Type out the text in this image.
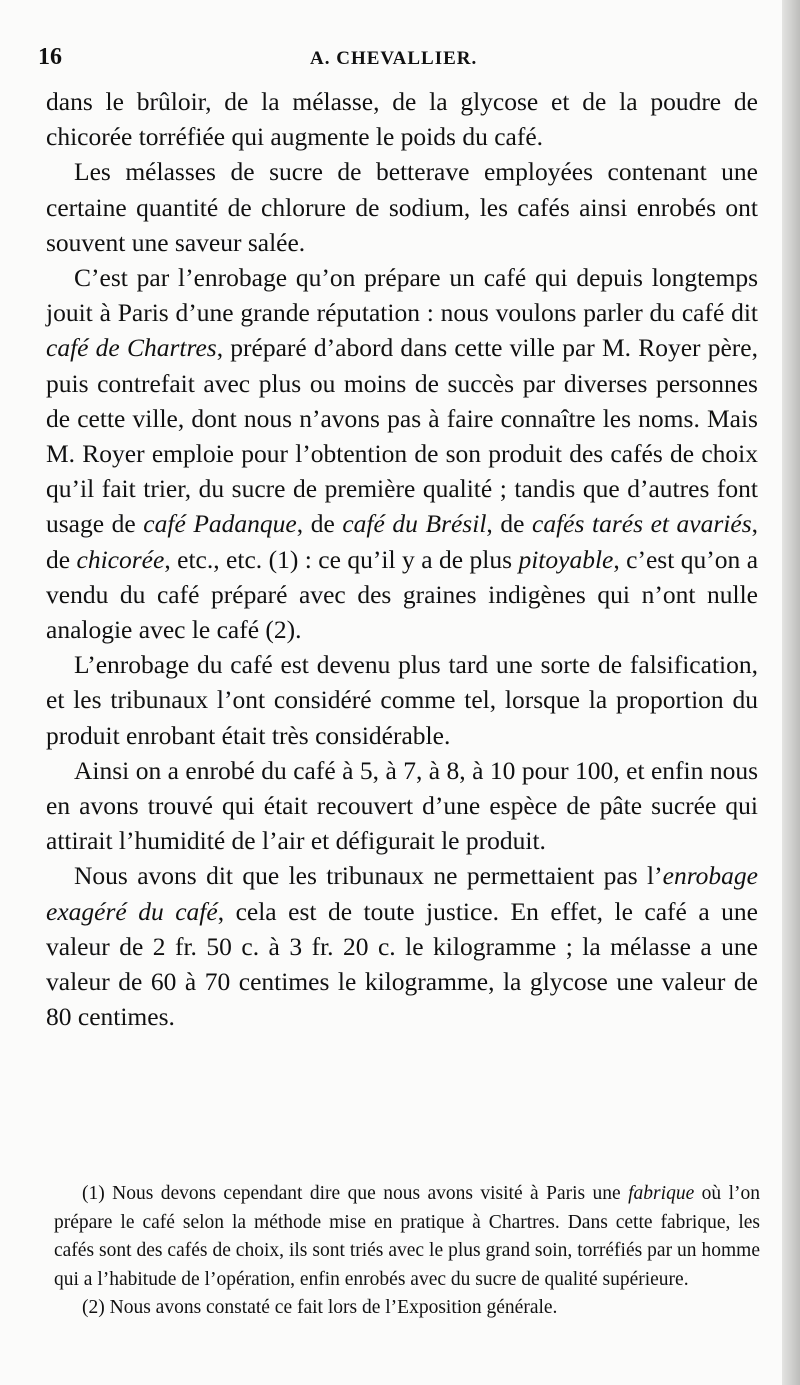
16	A. CHEVALLIER.

dans le brûloir, de la mélasse, de la glycose et de la poudre de chicorée torréfiée qui augmente le poids du café.

Les mélasses de sucre de betterave employées contenant une certaine quantité de chlorure de sodium, les cafés ainsi enrobés ont souvent une saveur salée.

C’est par l’enrobage qu’on prépare un café qui depuis longtemps jouit à Paris d’une grande réputation : nous voulons parler du café dit café de Chartres, préparé d’abord dans cette ville par M. Royer père, puis contrefait avec plus ou moins de succès par diverses personnes de cette ville, dont nous n’avons pas à faire connaître les noms. Mais M. Royer emploie pour l’obtention de son produit des cafés de choix qu’il fait trier, du sucre de première qualité ; tandis que d’autres font usage de café Padanque, de café du Brésil, de cafés tarés et avariés, de chicorée, etc., etc. (1) : ce qu’il y a de plus pitoyable, c’est qu’on a vendu du café préparé avec des graines indigènes qui n’ont nulle analogie avec le café (2).

L’enrobage du café est devenu plus tard une sorte de falsification, et les tribunaux l’ont considéré comme tel, lorsque la proportion du produit enrobant était très considérable.

Ainsi on a enrobé du café à 5, à 7, à 8, à 10 pour 100, et enfin nous en avons trouvé qui était recouvert d’une espèce de pâte sucrée qui attirait l’humidité de l’air et défigurait le produit.

Nous avons dit que les tribunaux ne permettaient pas l’enrobage exagéré du café, cela est de toute justice. En effet, le café a une valeur de 2 fr. 50 c. à 3 fr. 20 c. le kilogramme ; la mélasse a une valeur de 60 à 70 centimes le kilogramme, la glycose une valeur de 80 centimes.

(1) Nous devons cependant dire que nous avons visité à Paris une fabrique où l’on prépare le café selon la méthode mise en pratique à Chartres. Dans cette fabrique, les cafés sont des cafés de choix, ils sont triés avec le plus grand soin, torréfiés par un homme qui a l’habitude de l’opération, enfin enrobés avec du sucre de qualité supérieure.

(2) Nous avons constaté ce fait lors de l’Exposition générale.
